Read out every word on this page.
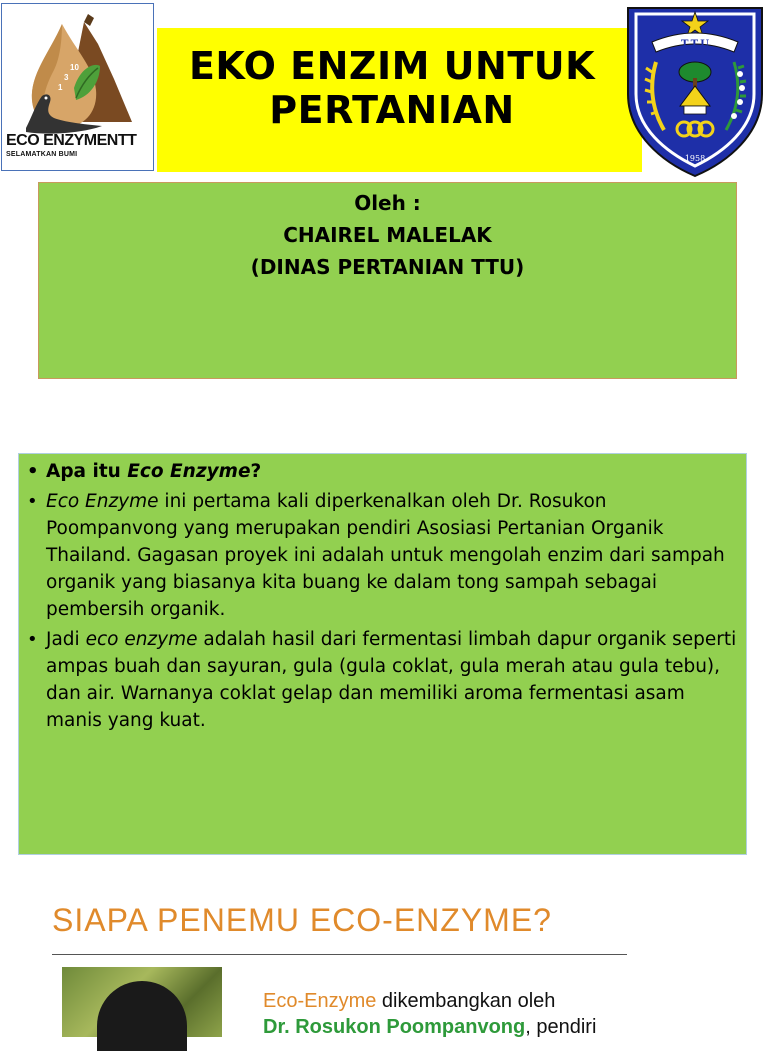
1
3
10
ECO ENZYMENTT
SELAMATKAN BUMI
EKO ENZIM UNTUK PERTANIAN
T.T.U
1958
Oleh :
CHAIREL MALELAK
(DINAS PERTANIAN TTU)
• Apa itu Eco Enzyme?
• Eco Enzyme ini pertama kali diperkenalkan oleh Dr. Rosukon Poompanvong yang merupakan pendiri Asosiasi Pertanian Organik Thailand. Gagasan proyek ini adalah untuk mengolah enzim dari sampah organik yang biasanya kita buang ke dalam tong sampah sebagai pembersih organik.
• Jadi eco enzyme adalah hasil dari fermentasi limbah dapur organik seperti ampas buah dan sayuran, gula (gula coklat, gula merah atau gula tebu), dan air. Warnanya coklat gelap dan memiliki aroma fermentasi asam manis yang kuat.
SIAPA PENEMU ECO-ENZYME?
Eco-Enzyme dikembangkan oleh
Dr. Rosukon Poompanvong, pendiri
